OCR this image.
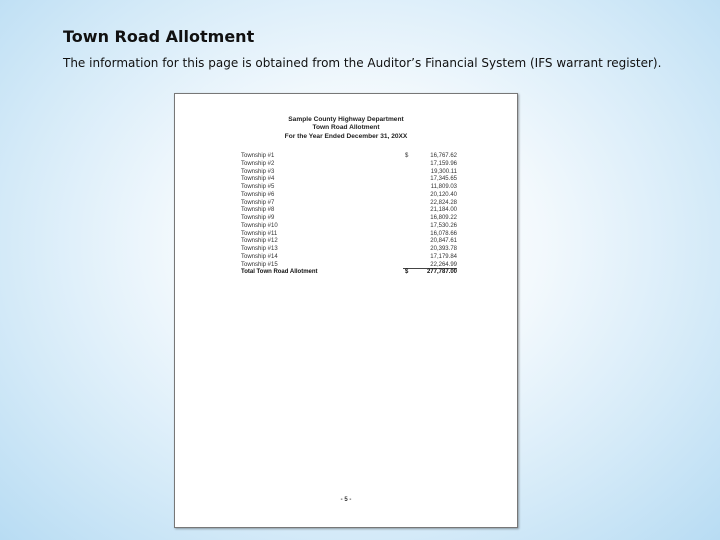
Town Road Allotment
The information for this page is obtained from the Auditor’s Financial System (IFS warrant register).
Sample County Highway Department
Town Road Allotment
For the Year Ended December 31, 20XX
Township #1	$	16,767.62
Township #2	17,159.96
Township #3	19,300.11
Township #4	17,345.65
Township #5	11,809.03
Township #6	20,120.40
Township #7	22,824.28
Township #8	21,184.00
Township #9	16,809.22
Township #10	17,530.26
Township #11	16,078.66
Township #12	20,847.61
Township #13	20,393.78
Township #14	17,179.84
Township #15	22,264.99
Total Town Road Allotment	$	277,787.00
- 5 -
